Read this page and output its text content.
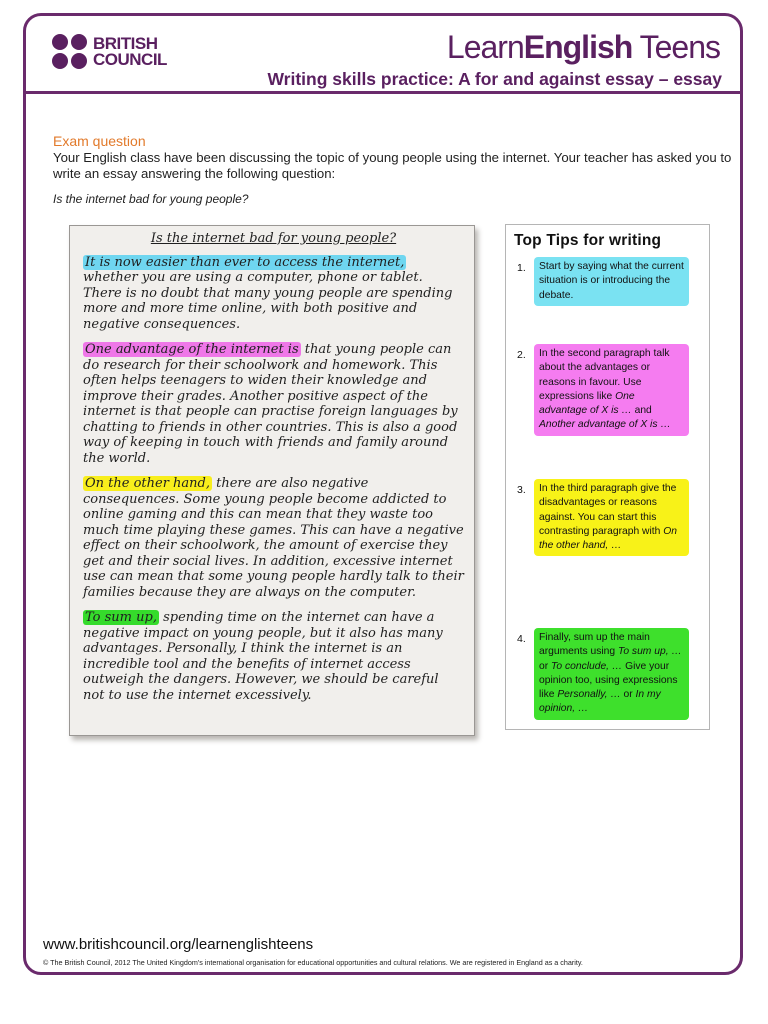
BRITISH
COUNCIL	LearnEnglish Teens
Writing skills practice: A for and against essay – essay
Exam question

Your English class have been discussing the topic of young people using the internet. Your teacher has asked you to write an essay answering the following question:

Is the internet bad for young people?
Is the internet bad for young people?

It is now easier than ever to access the internet, whether you are using a computer, phone or tablet. There is no doubt that many young people are spending more and more time online, with both positive and negative consequences.

One advantage of the internet is that young people can do research for their schoolwork and homework. This often helps teenagers to widen their knowledge and improve their grades. Another positive aspect of the internet is that people can practise foreign languages by chatting to friends in other countries. This is also a good way of keeping in touch with friends and family around the world.

On the other hand, there are also negative consequences. Some young people become addicted to online gaming and this can mean that they waste too much time playing these games. This can have a negative effect on their schoolwork, the amount of exercise they get and their social lives. In addition, excessive internet use can mean that some young people hardly talk to their families because they are always on the computer.

To sum up, spending time on the internet can have a negative impact on young people, but it also has many advantages. Personally, I think the internet is an incredible tool and the benefits of internet access outweigh the dangers. However, we should be careful not to use the internet excessively.

Top Tips for writing
1.	Start by saying what the current situation is or introducing the debate.
2.	In the second paragraph talk about the advantages or reasons in favour. Use expressions like One advantage of X is … and Another advantage of X is …
3.	In the third paragraph give the disadvantages or reasons against. You can start this contrasting paragraph with On the other hand, …
4.	Finally, sum up the main arguments using To sum up, … or To conclude, … Give your opinion too, using expressions like Personally, … or In my opinion, …
www.britishcouncil.org/learnenglishteens
© The British Council, 2012 The United Kingdom's international organisation for educational opportunities and cultural relations. We are registered in England as a charity.
